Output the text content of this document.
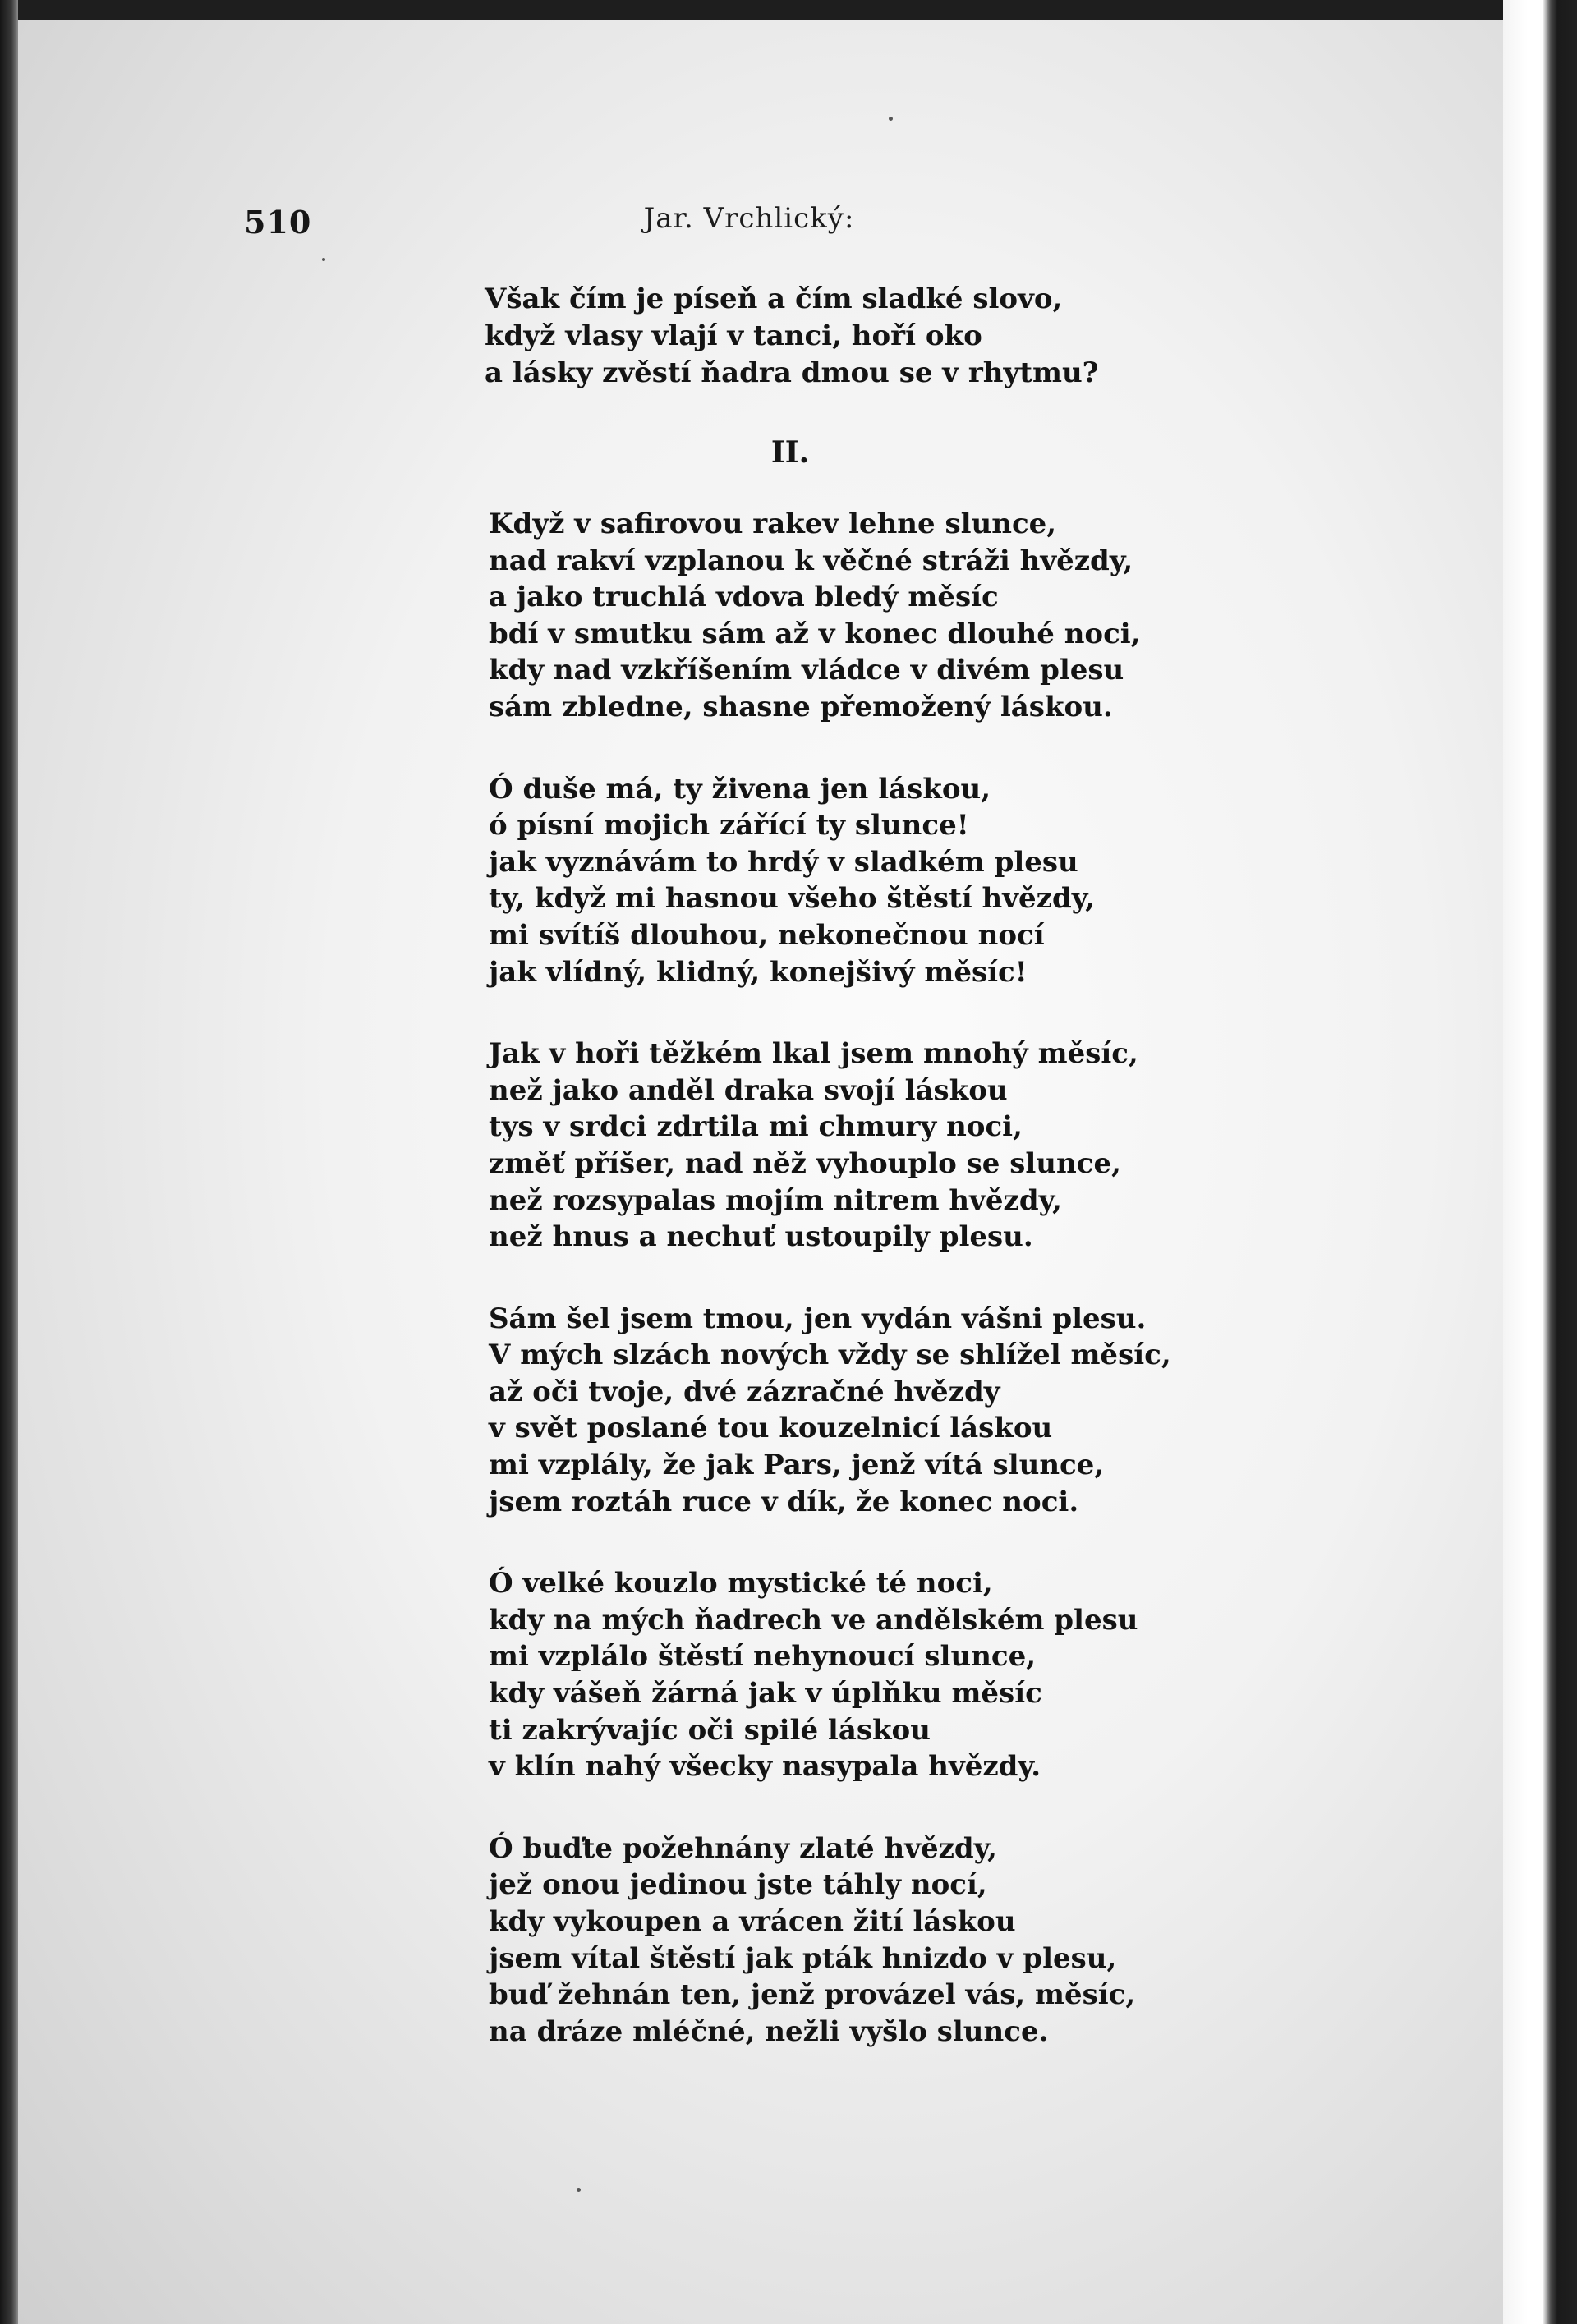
510	Jar. Vrchlický:
Však čím je píseň a čím sladké slovo,
když vlasy vlají v tanci, hoří oko
a lásky zvěstí ňadra dmou se v rhytmu?
II.
Když v safirovou rakev lehne slunce,
nad rakví vzplanou k věčné stráži hvězdy,
a jako truchlá vdova bledý měsíc
bdí v smutku sám až v konec dlouhé noci,
kdy nad vzkříšením vládce v divém plesu
sám zbledne, shasne přemožený láskou.
Ó duše má, ty živena jen láskou,
ó písní mojich zářící ty slunce!
jak vyznávám to hrdý v sladkém plesu
ty, když mi hasnou všeho štěstí hvězdy,
mi svítíš dlouhou, nekonečnou nocí
jak vlídný, klidný, konejšivý měsíc!
Jak v hoři těžkém lkal jsem mnohý měsíc,
než jako anděl draka svojí láskou
tys v srdci zdrtila mi chmury noci,
změť příšer, nad něž vyhouplo se slunce,
než rozsypalas mojím nitrem hvězdy,
než hnus a nechuť ustoupily plesu.
Sám šel jsem tmou, jen vydán vášni plesu.
V mých slzách nových vždy se shlížel měsíc,
až oči tvoje, dvé zázračné hvězdy
v svět poslané tou kouzelnicí láskou
mi vzplály, že jak Pars, jenž vítá slunce,
jsem roztáh ruce v dík, že konec noci.
Ó velké kouzlo mystické té noci,
kdy na mých ňadrech ve andělském plesu
mi vzplálo štěstí nehynoucí slunce,
kdy vášeň žárná jak v úplňku měsíc
ti zakrývajíc oči spilé láskou
v klín nahý všecky nasypala hvězdy.
Ó buďte požehnány zlaté hvězdy,
jež onou jedinou jste táhly nocí,
kdy vykoupen a vrácen žití láskou
jsem vítal štěstí jak pták hnizdo v plesu,
buď žehnán ten, jenž provázel vás, měsíc,
na dráze mléčné, nežli vyšlo slunce.
